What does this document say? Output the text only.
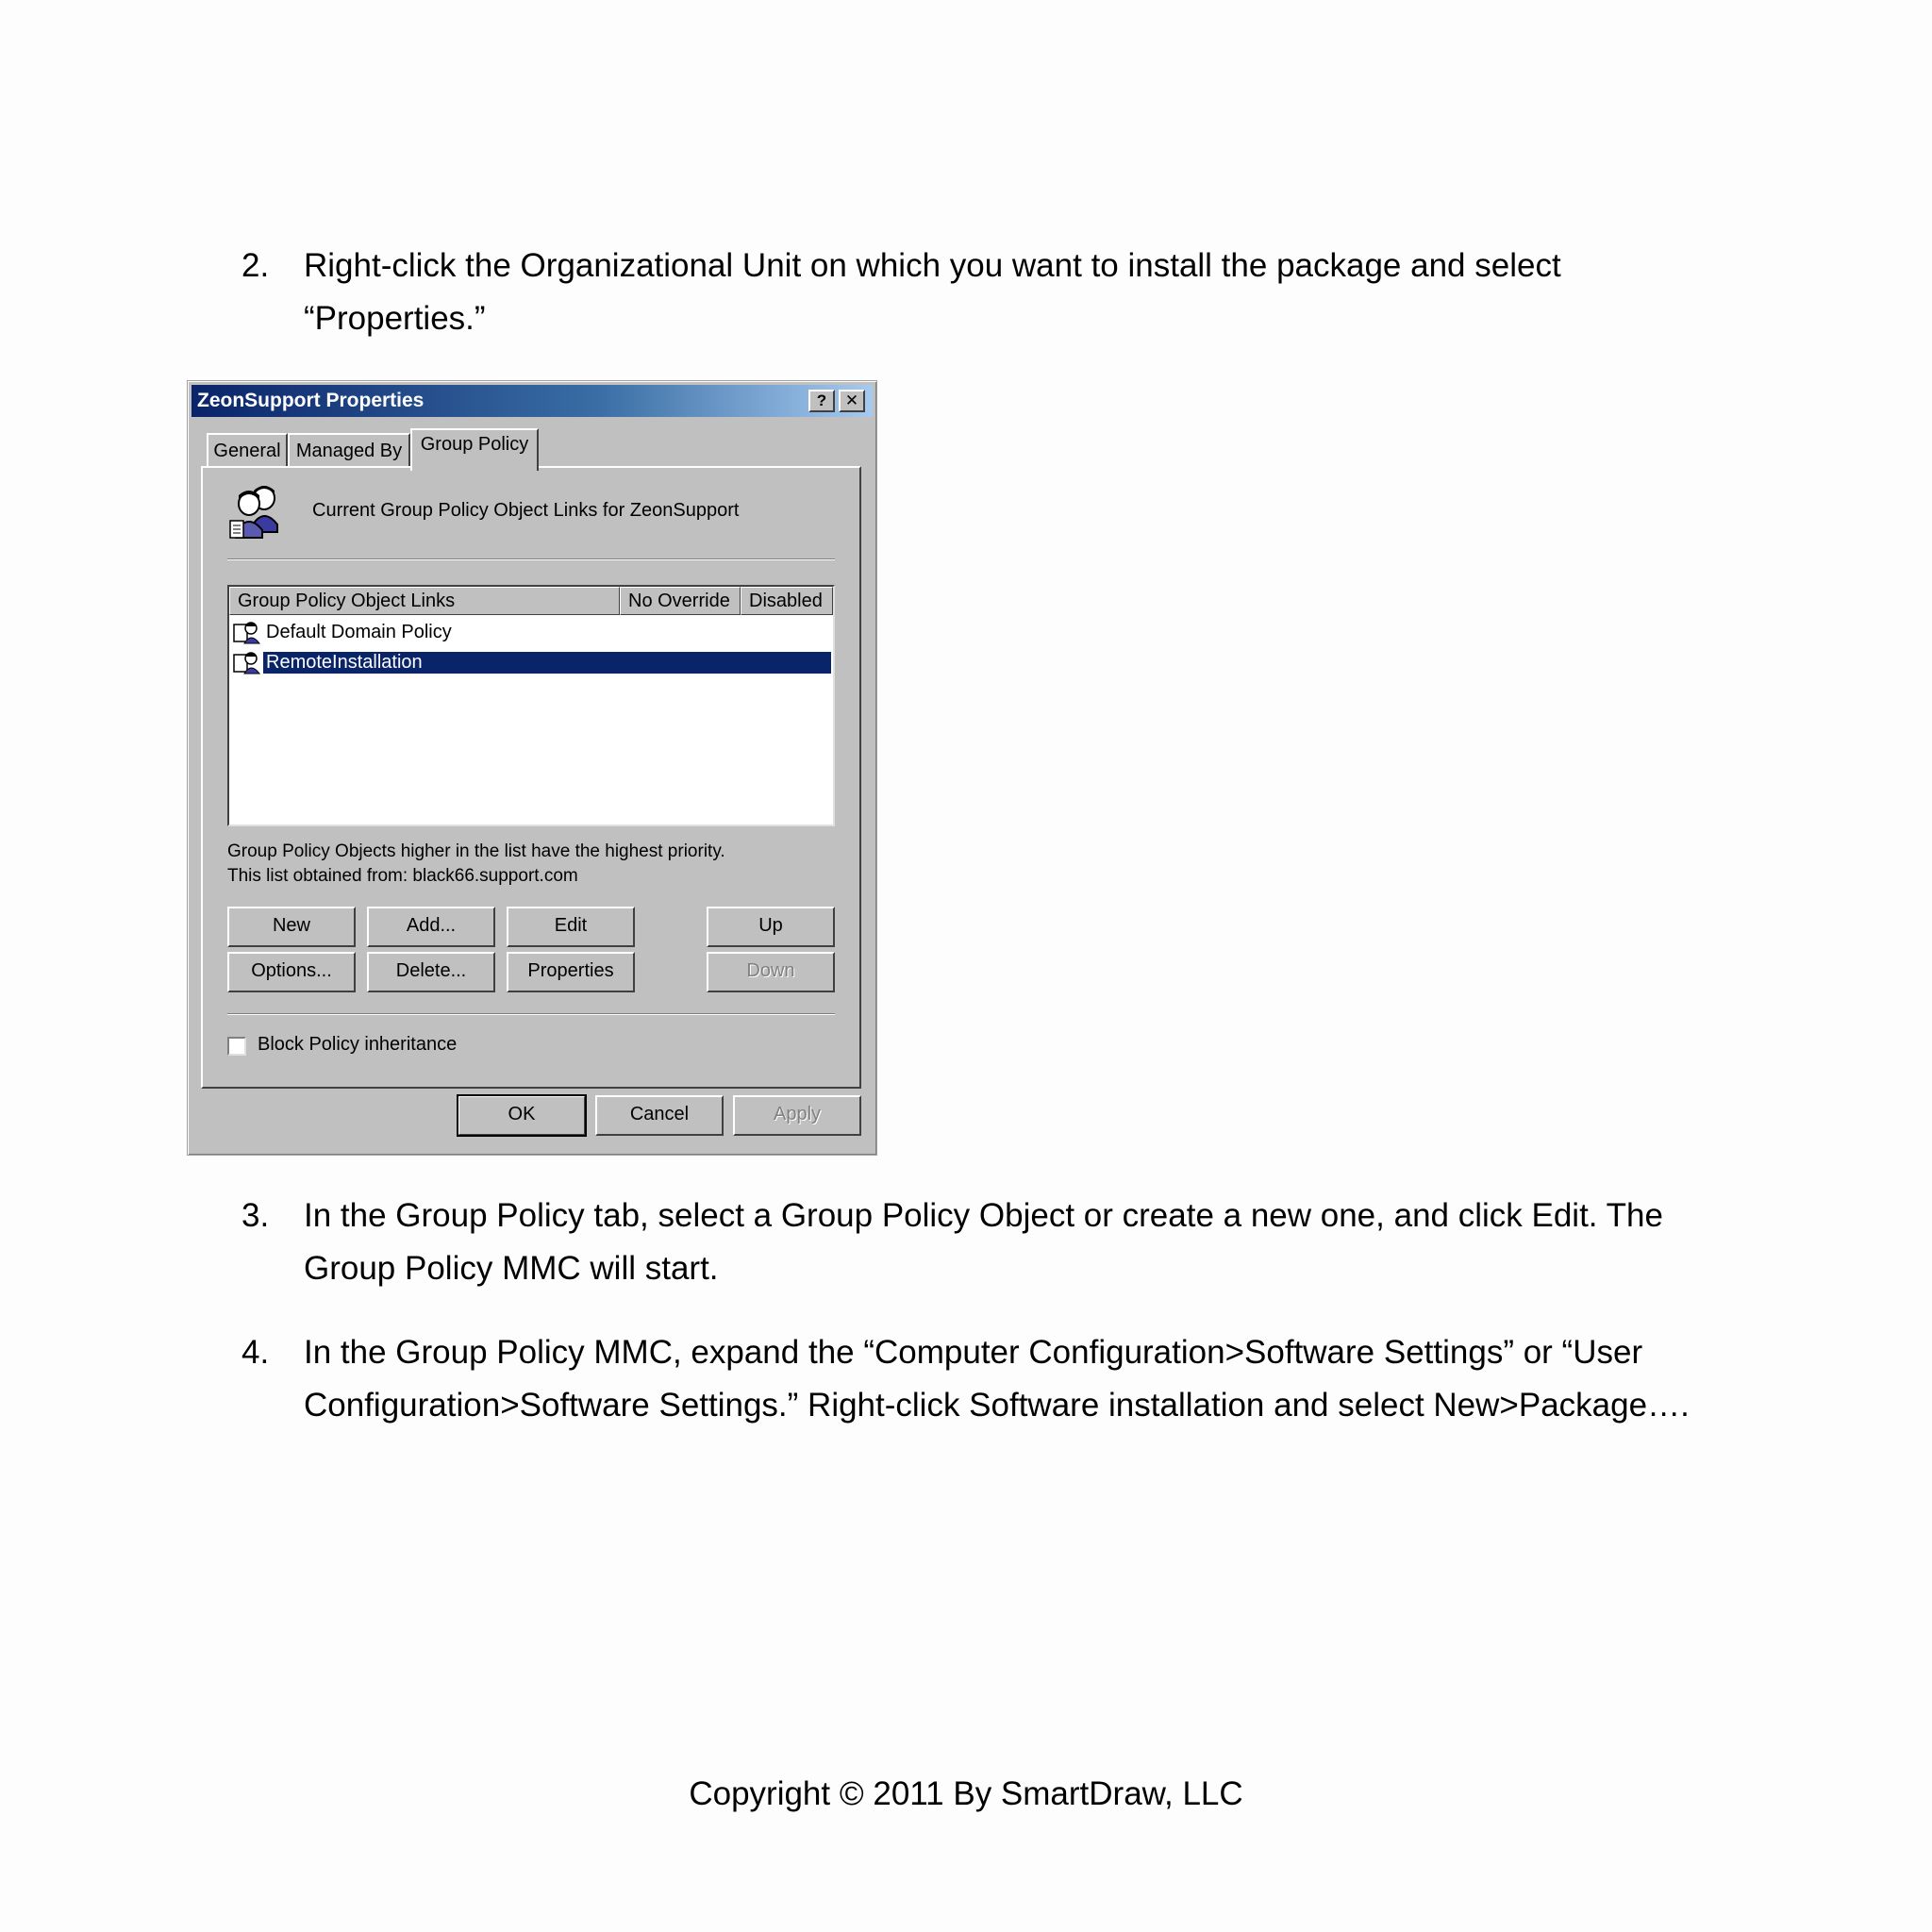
2.	Right-click the Organizational Unit on which you want to install the package and select
“Properties.”
ZeonSupport Properties	?	✕
General Managed By Group Policy
Current Group Policy Object Links for ZeonSupport
Group Policy Object Links	No Override	Disabled
Default Domain Policy
RemoteInstallation
Group Policy Objects higher in the list have the highest priority.
This list obtained from: black66.support.com
New	Add...	Edit	Up
Options...	Delete...	Properties	Down
Block Policy inheritance
OK	Cancel	Apply
3.	In the Group Policy tab, select a Group Policy Object or create a new one, and click Edit. The
Group Policy MMC will start.
4.	In the Group Policy MMC, expand the “Computer Configuration>Software Settings” or “User
Configuration>Software Settings.” Right-click Software installation and select New>Package….
Copyright © 2011 By SmartDraw, LLC
